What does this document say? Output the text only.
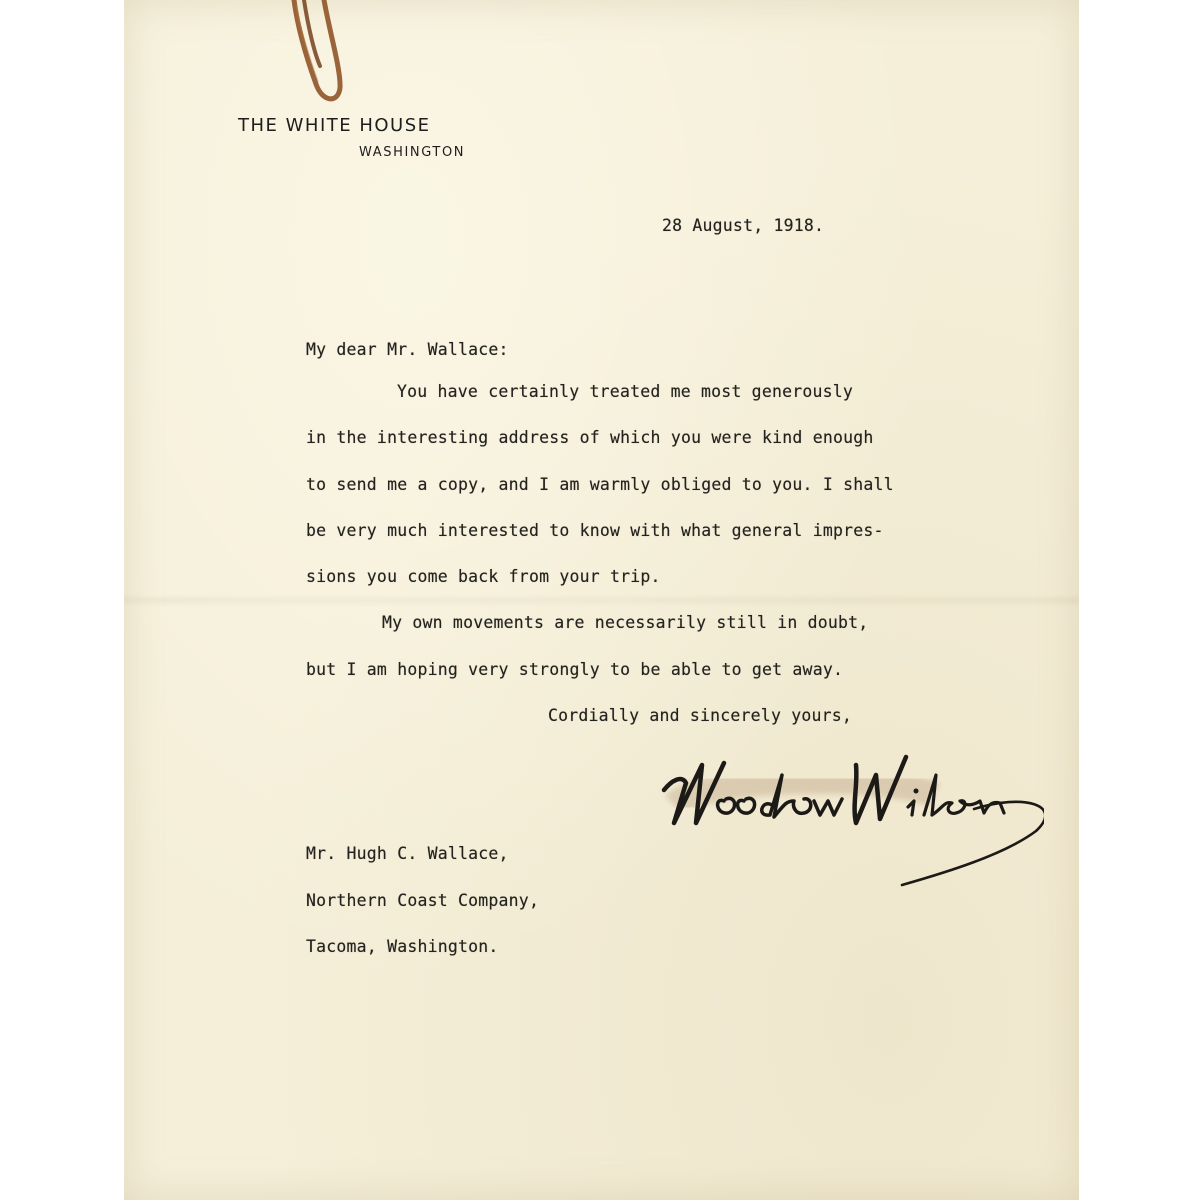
THE WHITE HOUSE
WASHINGTON
28 August, 1918.
My dear Mr. Wallace:
You have certainly treated me most generously
in the interesting address of which you were kind enough
to send me a copy, and I am warmly obliged to you. I shall
be very much interested to know with what general impres-
sions you come back from your trip.
My own movements are necessarily still in doubt,
but I am hoping very strongly to be able to get away.
Cordially and sincerely yours,
Mr. Hugh C. Wallace,
Northern Coast Company,
Tacoma, Washington.
